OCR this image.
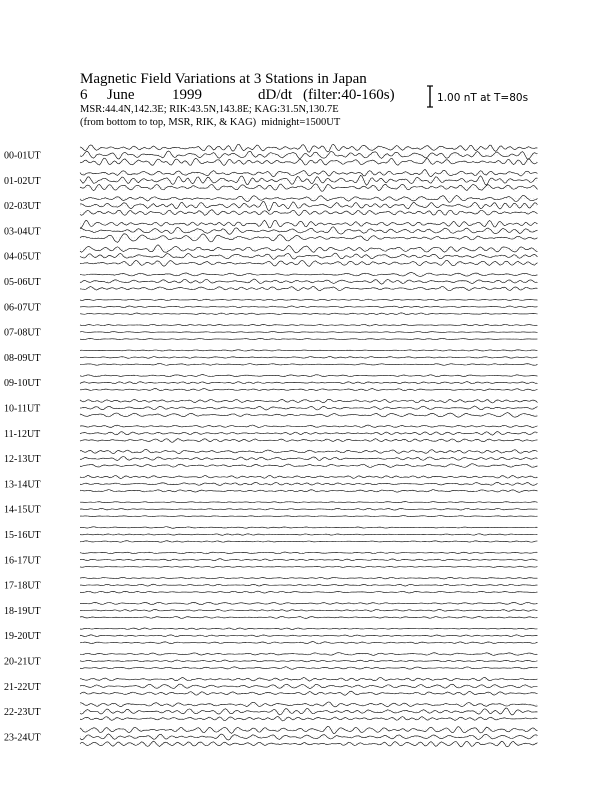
Magnetic Field Variations at 3 Stations in Japan
6 June	1999	dD/dt (filter:40-160s)
MSR:44.4N,142.3E; RIK:43.5N,143.8E; KAG:31.5N,130.7E
(from bottom to top, MSR, RIK, & KAG) midnight=1500UT
1.00 nT at T=80s
00-01UT
01-02UT
02-03UT
03-04UT
04-05UT
05-06UT
06-07UT
07-08UT
08-09UT
09-10UT
10-11UT
11-12UT
12-13UT
13-14UT
14-15UT
15-16UT
16-17UT
17-18UT
18-19UT
19-20UT
20-21UT
21-22UT
22-23UT
23-24UT
